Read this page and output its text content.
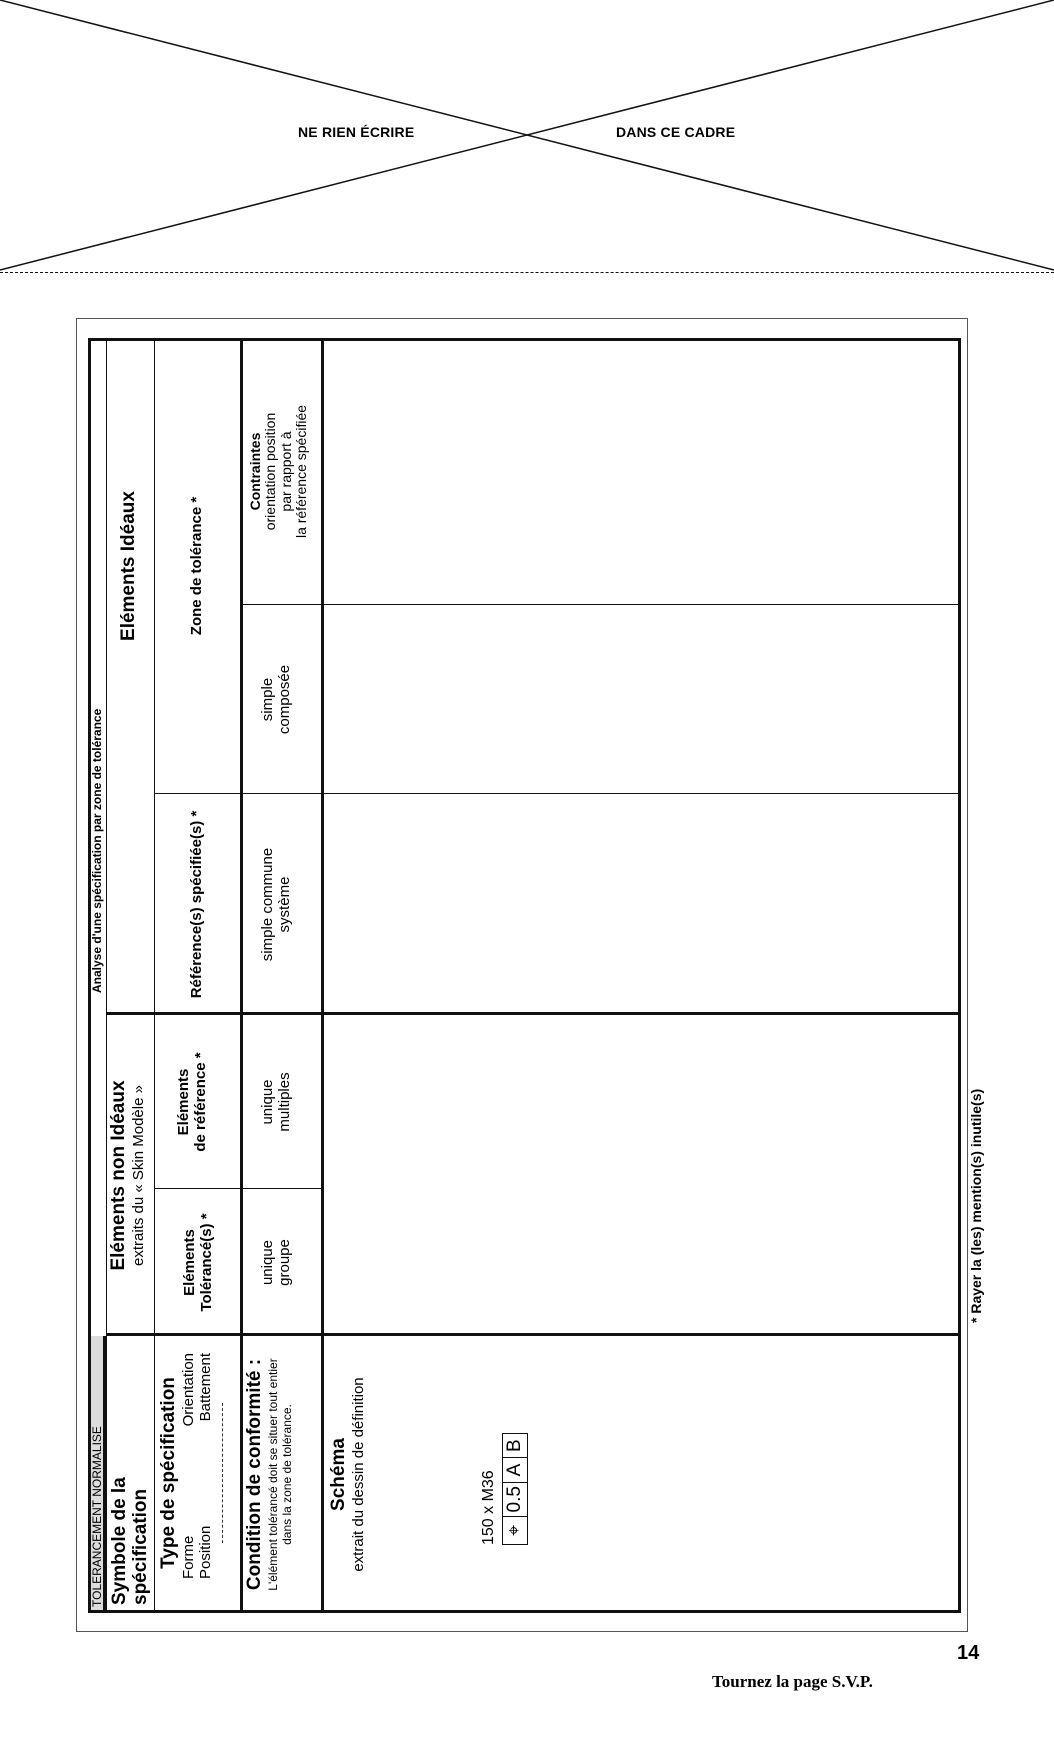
NE RIEN ÉCRIRE	DANS CE CADRE
TOLERANCEMENT NORMALISE
Analyse d'une spécification par zone de tolérance
Symbole de la spécification
Eléments non Idéaux extraits du « Skin Modèle »
Eléments Idéaux
Type de spécification Forme
Orientation
Position
Battement
Eléments Tolérancé(s) *
Eléments de référence *
Référence(s) spécifiée(s) *
Zone de tolérance *
Condition de conformité : L'élément tolérancé doit se situer tout entier dans la zone de tolérance.
unique groupe
unique multiples
simple commune système
simple composée
Contraintes orientation position par rapport à la référence spécifiée
Schéma extrait du dessin de définition	150 x M36 ⌖
0.5
A
B
* Rayer la (les) mention(s) inutile(s)
14
Tournez la page S.V.P.
